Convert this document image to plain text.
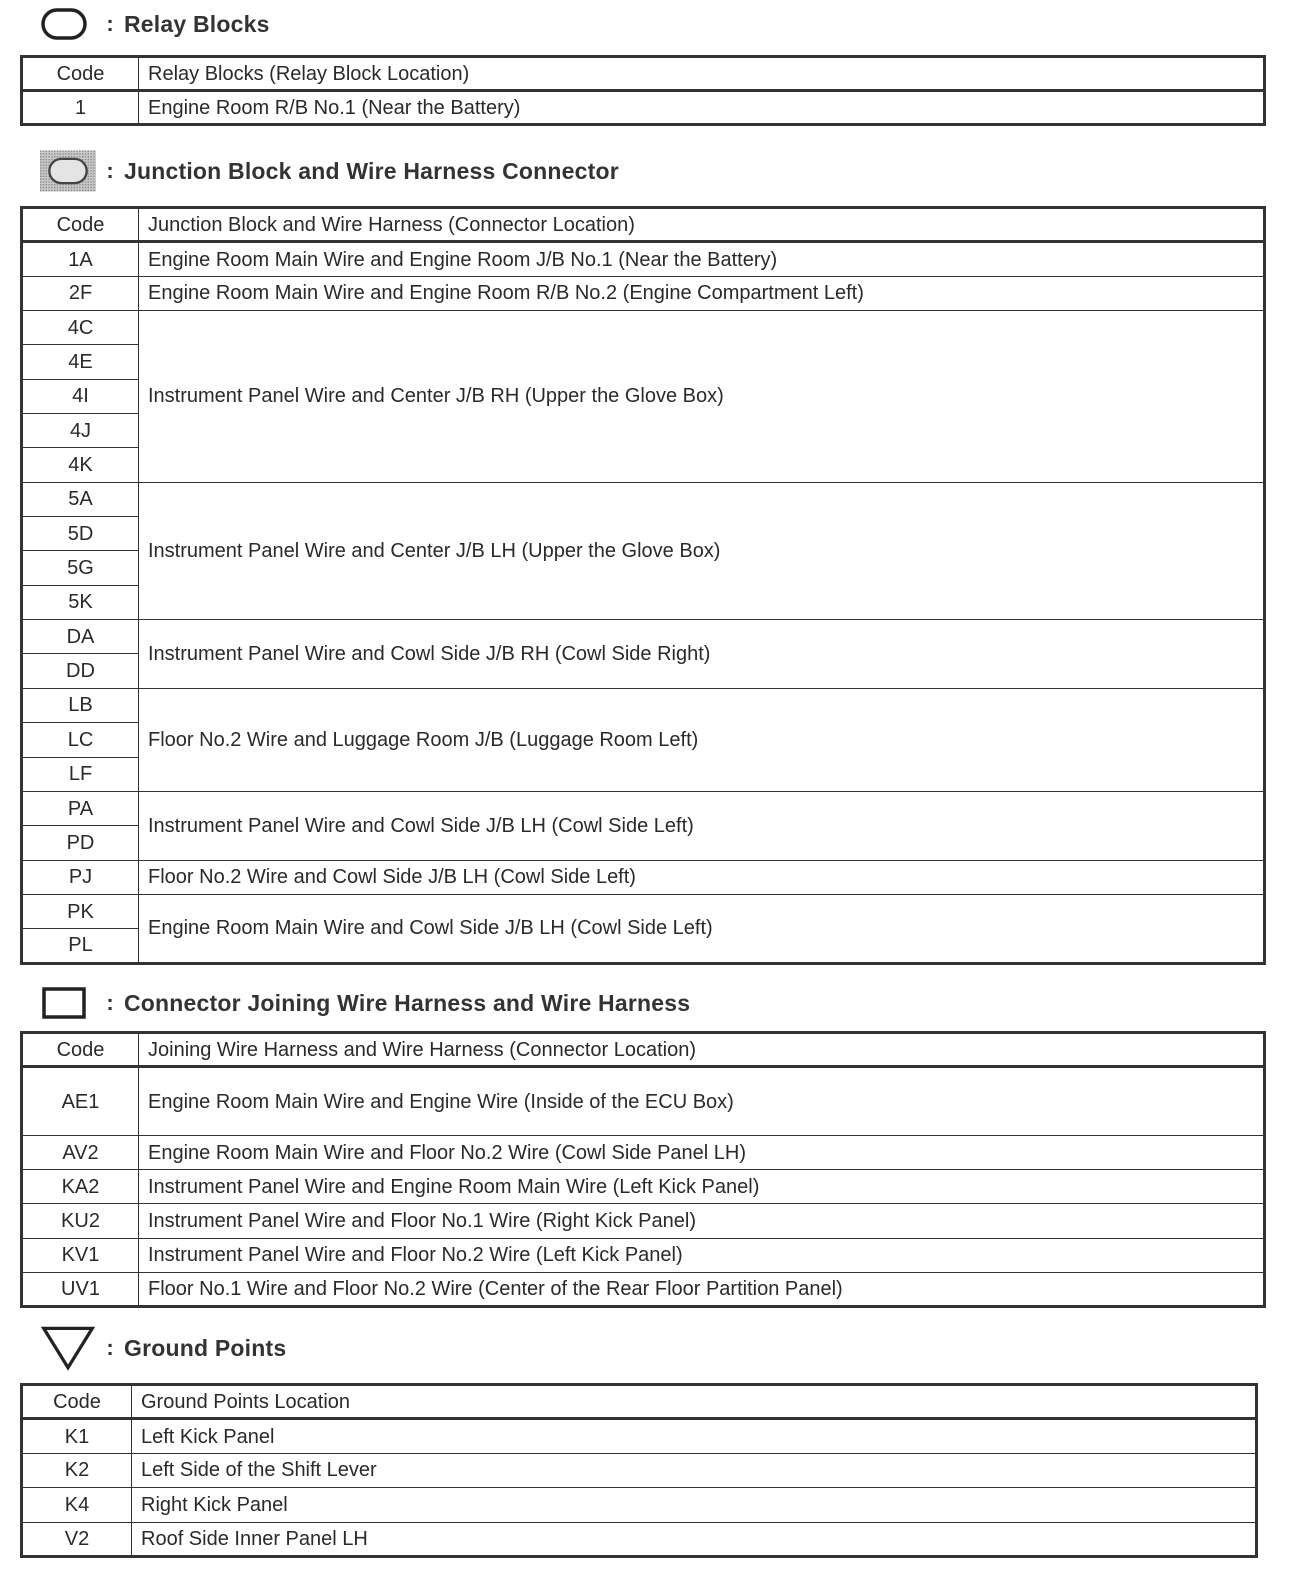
: Relay Blocks
Code	Relay Blocks (Relay Block Location)
1	Engine Room R/B No.1 (Near the Battery)
: Junction Block and Wire Harness Connector
Code	Junction Block and Wire Harness (Connector Location)
1A	Engine Room Main Wire and Engine Room J/B No.1 (Near the Battery)
2F	Engine Room Main Wire and Engine Room R/B No.2 (Engine Compartment Left)
4C	Instrument Panel Wire and Center J/B RH (Upper the Glove Box)
4E	
4I	
4J	
4K	
5A	Instrument Panel Wire and Center J/B LH (Upper the Glove Box)
5D	
5G	
5K	
DA	Instrument Panel Wire and Cowl Side J/B RH (Cowl Side Right)
DD	
LB	Floor No.2 Wire and Luggage Room J/B (Luggage Room Left)
LC	
LF	
PA	Instrument Panel Wire and Cowl Side J/B LH (Cowl Side Left)
PD	
PJ	Floor No.2 Wire and Cowl Side J/B LH (Cowl Side Left)
PK	Engine Room Main Wire and Cowl Side J/B LH (Cowl Side Left)
PL	
: Connector Joining Wire Harness and Wire Harness
Code	Joining Wire Harness and Wire Harness (Connector Location)
AE1	Engine Room Main Wire and Engine Wire (Inside of the ECU Box)
AV2	Engine Room Main Wire and Floor No.2 Wire (Cowl Side Panel LH)
KA2	Instrument Panel Wire and Engine Room Main Wire (Left Kick Panel)
KU2	Instrument Panel Wire and Floor No.1 Wire (Right Kick Panel)
KV1	Instrument Panel Wire and Floor No.2 Wire (Left Kick Panel)
UV1	Floor No.1 Wire and Floor No.2 Wire (Center of the Rear Floor Partition Panel)
: Ground Points
Code	Ground Points Location
K1	Left Kick Panel
K2	Left Side of the Shift Lever
K4	Right Kick Panel
V2	Roof Side Inner Panel LH
